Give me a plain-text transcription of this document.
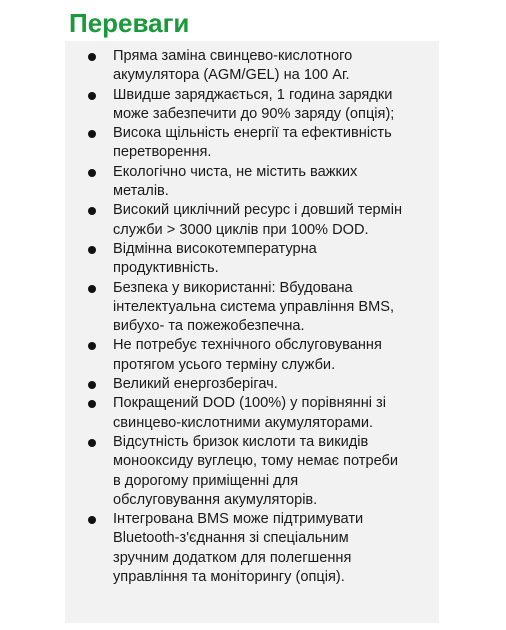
Переваги
Пряма заміна свинцево-кислотного
акумулятора (AGM/GEL) на 100 Аг.
Швидше заряджається, 1 година зарядки
може забезпечити до 90% заряду (опція);
Висока щільність енергії та ефективність
перетворення.
Екологічно чиста, не містить важких
металів.
Високий циклічний ресурс і довший термін
служби > 3000 циклів при 100% DOD.
Відмінна високотемпературна
продуктивність.
Безпека у використанні: Вбудована
інтелектуальна система управління BMS,
вибухо- та пожежобезпечна.
Не потребує технічного обслуговування
протягом усього терміну служби.
Великий енергозберігач.
Покращений DOD (100%) у порівнянні зі
свинцево-кислотними акумуляторами.
Відсутність бризок кислоти та викидів
монооксиду вуглецю, тому немає потреби
в дорогому приміщенні для
обслуговування акумуляторів.
Інтегрована BMS може підтримувати
Bluetooth-з'єднання зі спеціальним
зручним додатком для полегшення
управління та моніторингу (опція).
